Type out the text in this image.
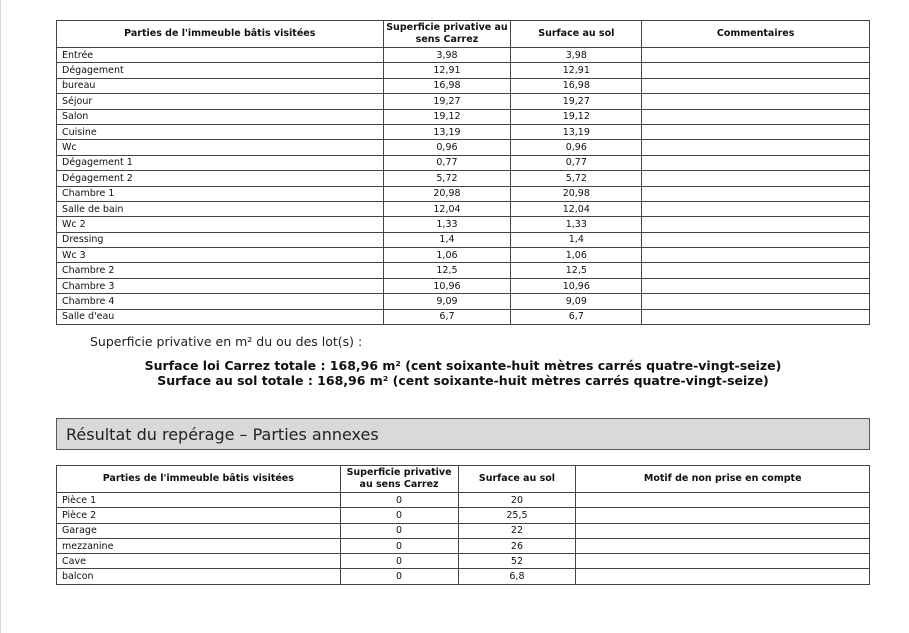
Parties de l'immeuble bâtis visitées	Superficie privative au sens Carrez	Surface au sol	Commentaires
Entrée	3,98	3,98	
Dégagement	12,91	12,91	
bureau	16,98	16,98	
Séjour	19,27	19,27	
Salon	19,12	19,12	
Cuisine	13,19	13,19	
Wc	0,96	0,96	
Dégagement 1	0,77	0,77	
Dégagement 2	5,72	5,72	
Chambre 1	20,98	20,98	
Salle de bain	12,04	12,04	
Wc 2	1,33	1,33	
Dressing	1,4	1,4	
Wc 3	1,06	1,06	
Chambre 2	12,5	12,5	
Chambre 3	10,96	10,96	
Chambre 4	9,09	9,09	
Salle d'eau	6,7	6,7	
Superficie privative en m² du ou des lot(s) :
Surface loi Carrez totale : 168,96 m² (cent soixante-huit mètres carrés quatre-vingt-seize)
Surface au sol totale : 168,96 m² (cent soixante-huit mètres carrés quatre-vingt-seize)
Résultat du repérage – Parties annexes
Parties de l'immeuble bâtis visitées	Superficie privative au sens Carrez	Surface au sol	Motif de non prise en compte
Pièce 1	0	20	
Pièce 2	0	25,5	
Garage	0	22	
mezzanine	0	26	
Cave	0	52	
balcon	0	6,8	
